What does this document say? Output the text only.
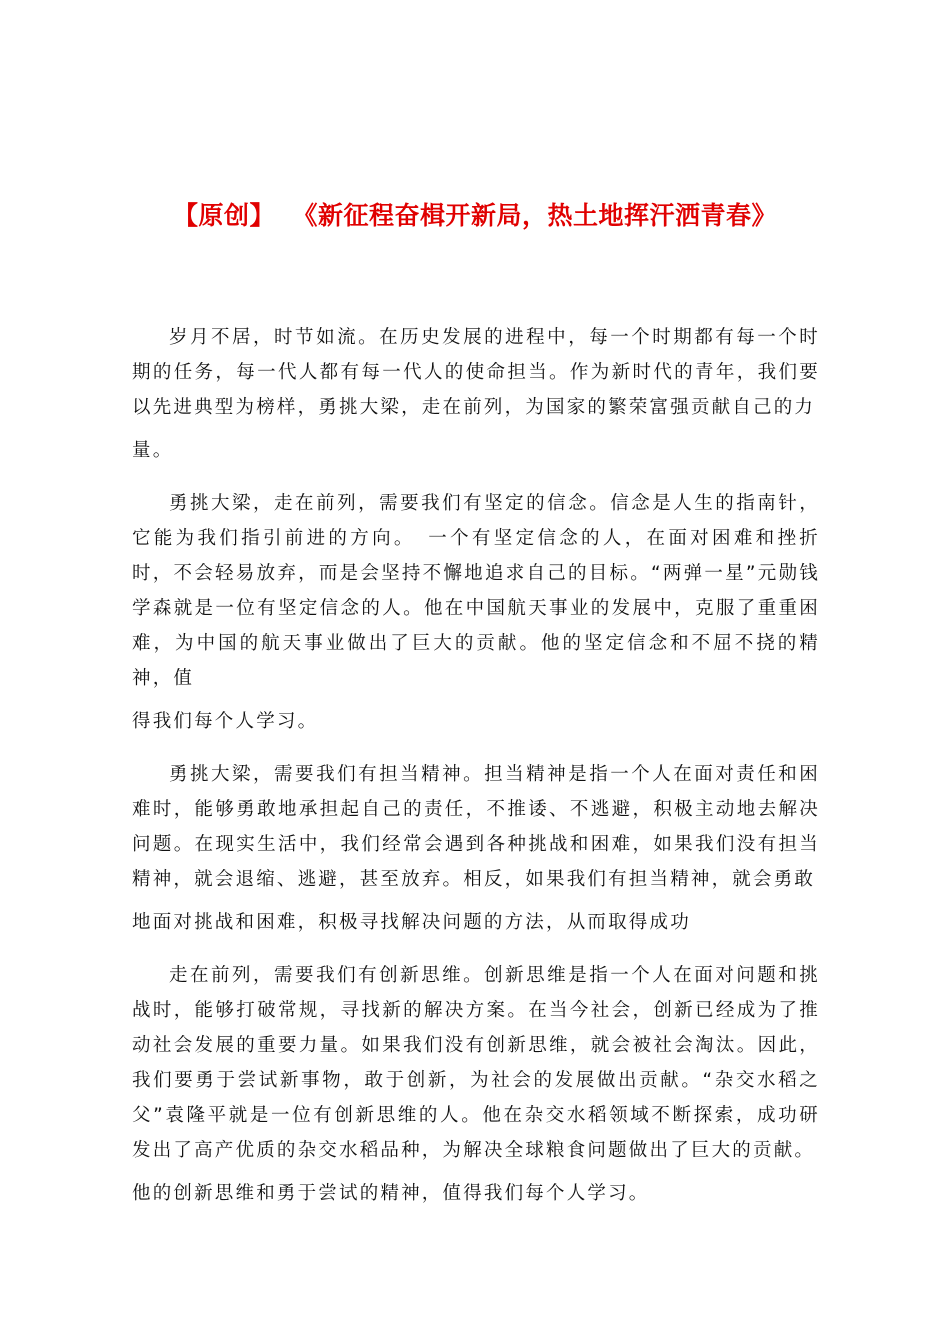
【原创】 《新征程奋楫开新局，热土地挥汗洒青春》

岁月不居，时节如流。在历史发展的进程中，每一个时期都有每一个时期的任务，每一代人都有每一代人的使命担当。作为新时代的青年，我们要以先进典型为榜样，勇挑大梁，走在前列，为国家的繁荣富强贡献自己的力
量。

勇挑大梁，走在前列，需要我们有坚定的信念。信念是人生的指南针，它能为我们指引前进的方向。　一个有坚定信念的人，在面对困难和挫折时，不会轻易放弃，而是会坚持不懈地追求自己的目标。“两弹一星”元勋钱学森就是一位有坚定信念的人。他在中国航天事业的发展中，克服了重重困难，为中国的航天事业做出了巨大的贡献。他的坚定信念和不屈不挠的精神，值
得我们每个人学习。

勇挑大梁，需要我们有担当精神。担当精神是指一个人在面对责任和困难时，能够勇敢地承担起自己的责任，不推诿、不逃避，积极主动地去解决问题。在现实生活中，我们经常会遇到各种挑战和困难，如果我们没有担当精神，就会退缩、逃避，甚至放弃。相反，如果我们有担当精神，就会勇敢
地面对挑战和困难，积极寻找解决问题的方法，从而取得成功

走在前列，需要我们有创新思维。创新思维是指一个人在面对问题和挑战时，能够打破常规，寻找新的解决方案。在当今社会，创新已经成为了推动社会发展的重要力量。如果我们没有创新思维，就会被社会淘汰。因此，我们要勇于尝试新事物，敢于创新，为社会的发展做出贡献。“杂交水稻之父”袁隆平就是一位有创新思维的人。他在杂交水稻领域不断探索，成功研发出了高产优质的杂交水稻品种，为解决全球粮食问题做出了巨大的贡献。
他的创新思维和勇于尝试的精神，值得我们每个人学习。
